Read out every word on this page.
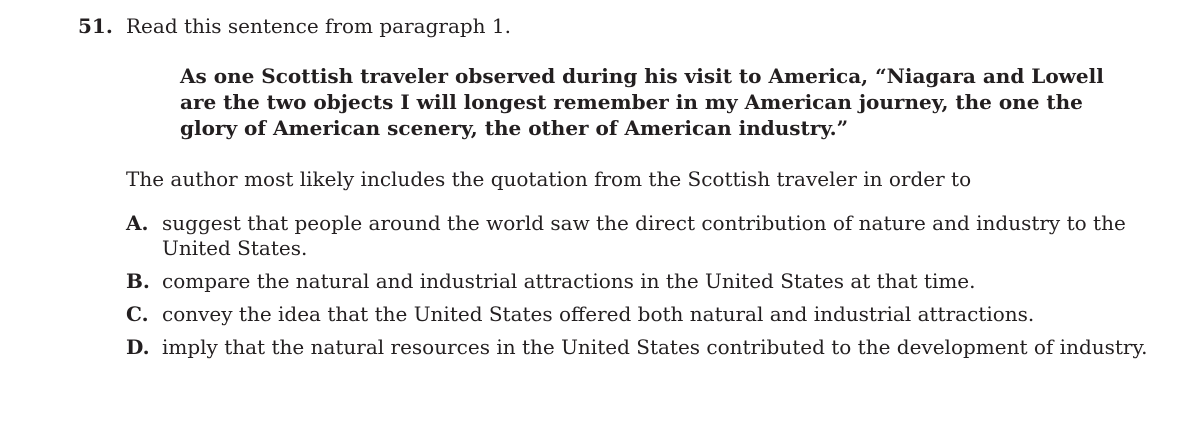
51. Read this sentence from paragraph 1.

As one Scottish traveler observed during his visit to America, “Niagara and Lowell
are the two objects I will longest remember in my American journey, the one the
glory of American scenery, the other of American industry.”

The author most likely includes the quotation from the Scottish traveler in order to

A. suggest that people around the world saw the direct contribution of nature and industry to the
United States.
B. compare the natural and industrial attractions in the United States at that time.
C. convey the idea that the United States offered both natural and industrial attractions.
D. imply that the natural resources in the United States contributed to the development of industry.
